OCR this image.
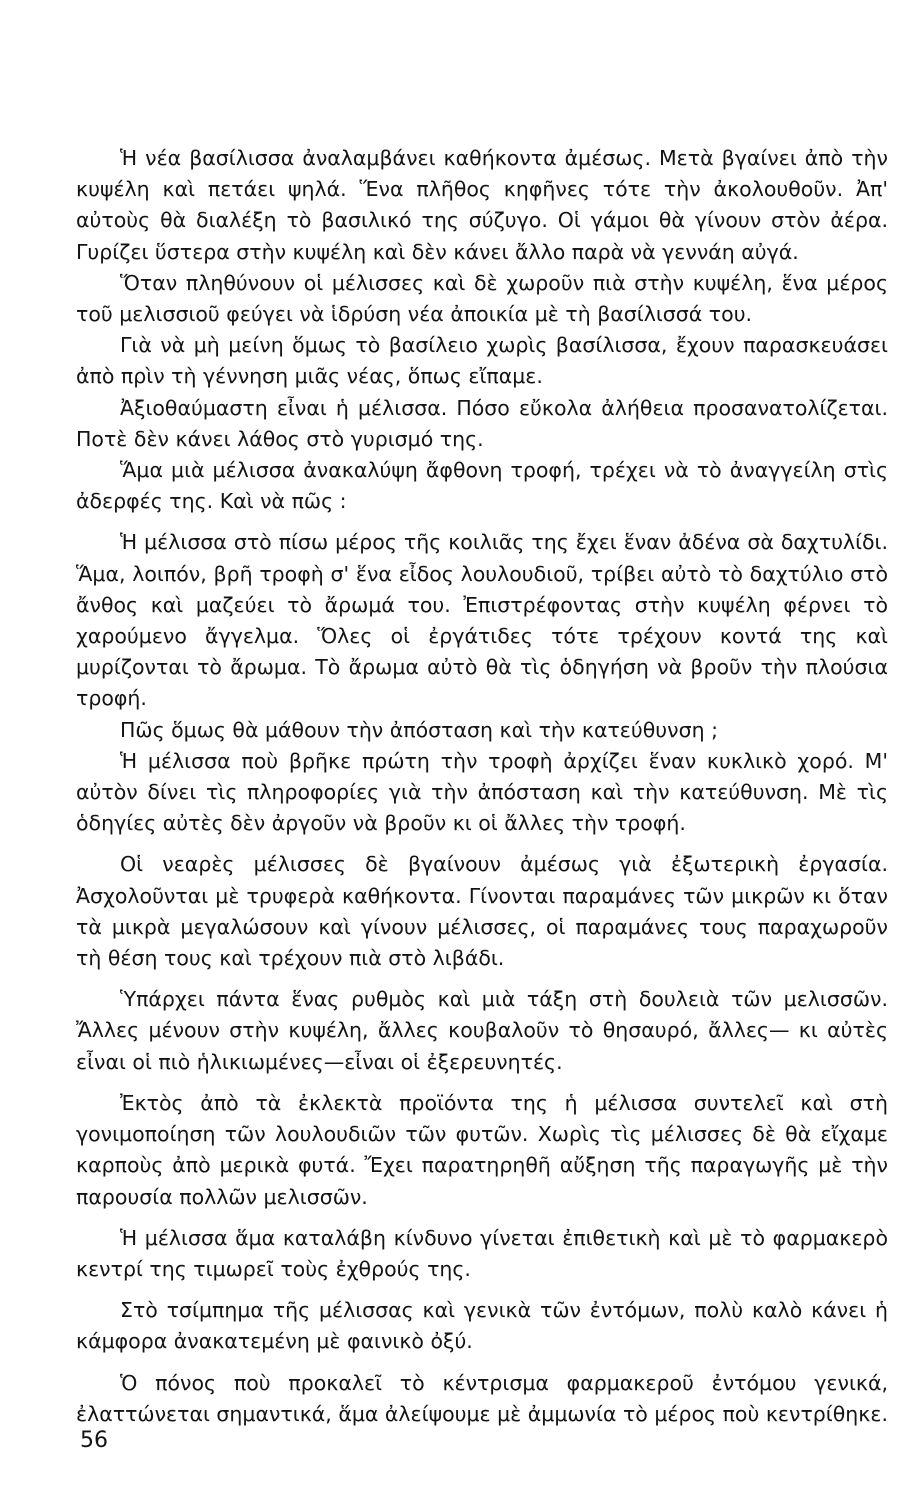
Ἡ νέα βασίλισσα ἀναλαμβάνει καθήκοντα ἀμέσως. Μετὰ βγαίνει ἀπὸ τὴν κυψέλη καὶ πετάει ψηλά. Ἕνα πλῆθος κηφῆνες τότε τὴν ἀκολουθοῦν. Ἀπ' αὐτοὺς θὰ διαλέξη τὸ βασιλικό της σύζυγο. Οἱ γάμοι θὰ γίνουν στὸν ἀέρα. Γυρίζει ὕστερα στὴν κυψέλη καὶ δὲν κάνει ἄλλο παρὰ νὰ γεννάη αὐγά.

Ὅταν πληθύνουν οἱ μέλισσες καὶ δὲ χωροῦν πιὰ στὴν κυψέλη, ἕνα μέρος τοῦ μελισσιοῦ φεύγει νὰ ἱδρύση νέα ἀποικία μὲ τὴ βασίλισσά του.

Γιὰ νὰ μὴ μείνη ὅμως τὸ βασίλειο χωρὶς βασίλισσα, ἔχουν παρασκευάσει ἀπὸ πρὶν τὴ γέννηση μιᾶς νέας, ὅπως εἴπαμε.

Ἀξιοθαύμαστη εἶναι ἡ μέλισσα. Πόσο εὔκολα ἀλήθεια προσανατολίζεται. Ποτὲ δὲν κάνει λάθος στὸ γυρισμό της.

Ἅμα μιὰ μέλισσα ἀνακαλύψη ἄφθονη τροφή, τρέχει νὰ τὸ ἀναγγείλη στὶς ἀδερφές της. Καὶ νὰ πῶς :

Ἡ μέλισσα στὸ πίσω μέρος τῆς κοιλιᾶς της ἔχει ἕναν ἀδένα σὰ δαχτυλίδι. Ἅμα, λοιπόν, βρῆ τροφὴ σ' ἕνα εἶδος λουλουδιοῦ, τρίβει αὐτὸ τὸ δαχτύλιο στὸ ἄνθος καὶ μαζεύει τὸ ἄρωμά του. Ἐπιστρέφοντας στὴν κυψέλη φέρνει τὸ χαρούμενο ἄγγελμα. Ὅλες οἱ ἐργάτιδες τότε τρέχουν κοντά της καὶ μυρίζονται τὸ ἄρωμα. Τὸ ἄρωμα αὐτὸ θὰ τὶς ὁδηγήση νὰ βροῦν τὴν πλούσια τροφή.

Πῶς ὅμως θὰ μάθουν τὴν ἀπόσταση καὶ τὴν κατεύθυνση ;

Ἡ μέλισσα ποὺ βρῆκε πρώτη τὴν τροφὴ ἀρχίζει ἕναν κυκλικὸ χορό. Μ' αὐτὸν δίνει τὶς πληροφορίες γιὰ τὴν ἀπόσταση καὶ τὴν κατεύθυνση. Μὲ τὶς ὁδηγίες αὐτὲς δὲν ἀργοῦν νὰ βροῦν κι οἱ ἄλλες τὴν τροφή.

Οἱ νεαρὲς μέλισσες δὲ βγαίνουν ἀμέσως γιὰ ἐξωτερικὴ ἐργασία. Ἀσχολοῦνται μὲ τρυφερὰ καθήκοντα. Γίνονται παραμάνες τῶν μικρῶν κι ὅταν τὰ μικρὰ μεγαλώσουν καὶ γίνουν μέλισσες, οἱ παραμάνες τους παραχωροῦν τὴ θέση τους καὶ τρέχουν πιὰ στὸ λιβάδι.

Ὑπάρχει πάντα ἕνας ρυθμὸς καὶ μιὰ τάξη στὴ δουλειὰ τῶν μελισσῶν. Ἄλλες μένουν στὴν κυψέλη, ἄλλες κουβαλοῦν τὸ θησαυρό, ἄλλες— κι αὐτὲς εἶναι οἱ πιὸ ἡλικιωμένες—εἶναι οἱ ἐξερευνητές.

Ἐκτὸς ἀπὸ τὰ ἐκλεκτὰ προϊόντα της ἡ μέλισσα συντελεῖ καὶ στὴ γονιμοποίηση τῶν λουλουδιῶν τῶν φυτῶν. Χωρὶς τὶς μέλισσες δὲ θὰ εἴχαμε καρποὺς ἀπὸ μερικὰ φυτά. Ἔχει παρατηρηθῆ αὔξηση τῆς παραγωγῆς μὲ τὴν παρουσία πολλῶν μελισσῶν.

Ἡ μέλισσα ἅμα καταλάβη κίνδυνο γίνεται ἐπιθετικὴ καὶ μὲ τὸ φαρμακερὸ κεντρί της τιμωρεῖ τοὺς ἐχθρούς της.

Στὸ τσίμπημα τῆς μέλισσας καὶ γενικὰ τῶν ἐντόμων, πολὺ καλὸ κάνει ἡ κάμφορα ἀνακατεμένη μὲ φαινικὸ ὀξύ.

Ὁ πόνος ποὺ προκαλεῖ τὸ κέντρισμα φαρμακεροῦ ἐντόμου γενικά, ἐλαττώνεται σημαντικά, ἅμα ἀλείψουμε μὲ ἀμμωνία τὸ μέρος ποὺ κεντρίθηκε.

56
